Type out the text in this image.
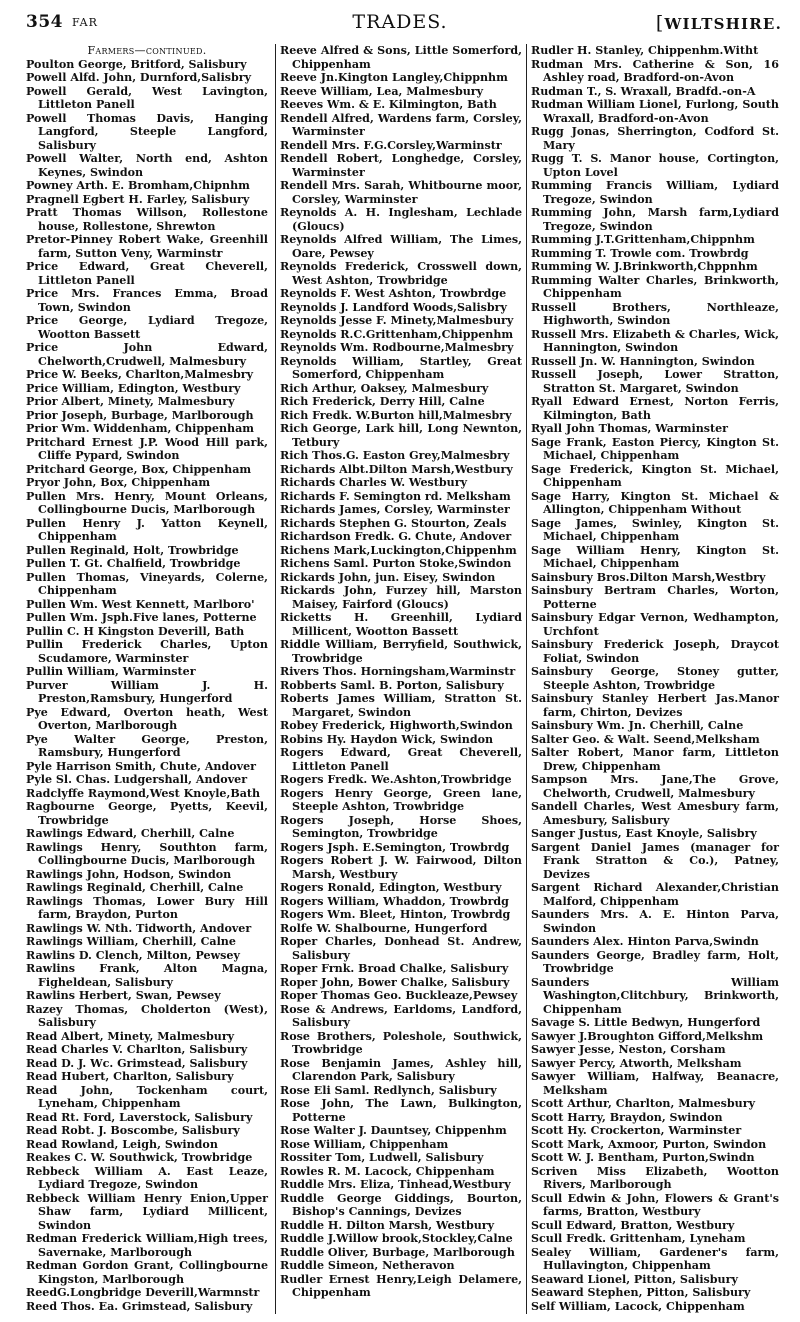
354 FAR	TRADES.	[WILTSHIRE.
Farmers—continued.
Poulton George, Britford, Salisbury
Powell Alfd. John, Durnford,Salisbry
Powell Gerald, West Lavington, Littleton Panell
Powell Thomas Davis, Hanging Langford, Steeple Langford, Salisbury
Powell Walter, North end, Ashton Keynes, Swindon
Powney Arth. E. Bromham,Chipnhm
Pragnell Egbert H. Farley, Salisbury
Pratt Thomas Willson, Rollestone house, Rollestone, Shrewton
Pretor-Pinney Robert Wake, Greenhill farm, Sutton Veny, Warminstr
Price Edward, Great Cheverell, Littleton Panell
Price Mrs. Frances Emma, Broad Town, Swindon
Price George, Lydiard Tregoze, Wootton Bassett
Price John Edward, Chelworth,Crudwell, Malmesbury
Price W. Beeks, Charlton,Malmesbry
Price William, Edington, Westbury
Prior Albert, Minety, Malmesbury
Prior Joseph, Burbage, Marlborough
Prior Wm. Widdenham, Chippenham
Pritchard Ernest J.P. Wood Hill park, Cliffe Pypard, Swindon
Pritchard George, Box, Chippenham
Pryor John, Box, Chippenham
Pullen Mrs. Henry, Mount Orleans, Collingbourne Ducis, Marlborough
Pullen Henry J. Yatton Keynell, Chippenham
Pullen Reginald, Holt, Trowbridge
Pullen T. Gt. Chalfield, Trowbridge
Pullen Thomas, Vineyards, Colerne, Chippenham
Pullen Wm. West Kennett, Marlboro'
Pullen Wm. Jsph.Five lanes, Potterne
Pullin C. H Kingston Deverill, Bath
Pullin Frederick Charles, Upton Scudamore, Warminster
Pullin William, Warminster
Purver William J. H. Preston,Ramsbury, Hungerford
Pye Edward, Overton heath, West Overton, Marlborough
Pye Walter George, Preston, Ramsbury, Hungerford
Pyle Harrison Smith, Chute, Andover
Pyle Sl. Chas. Ludgershall, Andover
Radclyffe Raymond,West Knoyle,Bath
Ragbourne George, Pyetts, Keevil, Trowbridge
Rawlings Edward, Cherhill, Calne
Rawlings Henry, Southton farm, Collingbourne Ducis, Marlborough
Rawlings John, Hodson, Swindon
Rawlings Reginald, Cherhill, Calne
Rawlings Thomas, Lower Bury Hill farm, Braydon, Purton
Rawlings W. Nth. Tidworth, Andover
Rawlings William, Cherhill, Calne
Rawlins D. Clench, Milton, Pewsey
Rawlins Frank, Alton Magna, Figheldean, Salisbury
Rawlins Herbert, Swan, Pewsey
Razey Thomas, Cholderton (West), Salisbury
Read Albert, Minety, Malmesbury
Read Charles V. Charlton, Salisbury
Read D. J. Wc. Grimstead, Salisbury
Read Hubert, Charlton, Salisbury
Read John, Tockenham court, Lyneham, Chippenham
Read Rt. Ford, Laverstock, Salisbury
Read Robt. J. Boscombe, Salisbury
Read Rowland, Leigh, Swindon
Reakes C. W. Southwick, Trowbridge
Rebbeck William A. East Leaze, Lydiard Tregoze, Swindon
Rebbeck William Henry Enion,Upper Shaw farm, Lydiard Millicent, Swindon
Redman Frederick William,High trees, Savernake, Marlborough
Redman Gordon Grant, Collingbourne Kingston, Marlborough
ReedG.Longbridge Deverill,Warmnstr
Reed Thos. Ea. Grimstead, Salisbury
Reeve Alfred & Sons, Little Somerford, Chippenham
Reeve Jn.Kington Langley,Chippnhm
Reeve William, Lea, Malmesbury
Reeves Wm. & E. Kilmington, Bath
Rendell Alfred, Wardens farm, Corsley, Warminster
Rendell Mrs. F.G.Corsley,Warminstr
Rendell Robert, Longhedge, Corsley, Warminster
Rendell Mrs. Sarah, Whitbourne moor, Corsley, Warminster
Reynolds A. H. Inglesham, Lechlade (Gloucs)
Reynolds Alfred William, The Limes, Oare, Pewsey
Reynolds Frederick, Crosswell down, West Ashton, Trowbridge
Reynolds F. West Ashton, Trowbrdge
Reynolds J. Landford Woods,Salisbry
Reynolds Jesse F. Minety,Malmesbury
Reynolds R.C.Grittenham,Chippenhm
Reynolds Wm. Rodbourne,Malmesbry
Reynolds William, Startley, Great Somerford, Chippenham
Rich Arthur, Oaksey, Malmesbury
Rich Frederick, Derry Hill, Calne
Rich Fredk. W.Burton hill,Malmesbry
Rich George, Lark hill, Long Newnton, Tetbury
Rich Thos.G. Easton Grey,Malmesbry
Richards Albt.Dilton Marsh,Westbury
Richards Charles W. Westbury
Richards F. Semington rd. Melksham
Richards James, Corsley, Warminster
Richards Stephen G. Stourton, Zeals
Richardson Fredk. G. Chute, Andover
Richens Mark,Luckington,Chippenhm
Richens Saml. Purton Stoke,Swindon
Rickards John, jun. Eisey, Swindon
Rickards John, Furzey hill, Marston Maisey, Fairford (Gloucs)
Ricketts H. Greenhill, Lydiard Millicent, Wootton Bassett
Riddle William, Berryfield, Southwick, Trowbridge
Rivers Thos. Horningsham,Warminstr
Robberts Saml. B. Porton, Salisbury
Roberts James William, Stratton St. Margaret, Swindon
Robey Frederick, Highworth,Swindon
Robins Hy. Haydon Wick, Swindon
Rogers Edward, Great Cheverell, Littleton Panell
Rogers Fredk. We.Ashton,Trowbridge
Rogers Henry George, Green lane, Steeple Ashton, Trowbridge
Rogers Joseph, Horse Shoes, Semington, Trowbridge
Rogers Jsph. E.Semington, Trowbrdg
Rogers Robert J. W. Fairwood, Dilton Marsh, Westbury
Rogers Ronald, Edington, Westbury
Rogers William, Whaddon, Trowbrdg
Rogers Wm. Bleet, Hinton, Trowbrdg
Rolfe W. Shalbourne, Hungerford
Roper Charles, Donhead St. Andrew, Salisbury
Roper Frnk. Broad Chalke, Salisbury
Roper John, Bower Chalke, Salisbury
Roper Thomas Geo. Buckleaze,Pewsey
Rose & Andrews, Earldoms, Landford, Salisbury
Rose Brothers, Poleshole, Southwick, Trowbridge
Rose Benjamin James, Ashley hill, Clarendon Park, Salisbury
Rose Eli Saml. Redlynch, Salisbury
Rose John, The Lawn, Bulkington, Potterne
Rose Walter J. Dauntsey, Chippenhm
Rose William, Chippenham
Rossiter Tom, Ludwell, Salisbury
Rowles R. M. Lacock, Chippenham
Ruddle Mrs. Eliza, Tinhead,Westbury
Ruddle George Giddings, Bourton, Bishop's Cannings, Devizes
Ruddle H. Dilton Marsh, Westbury
Ruddle J.Willow brook,Stockley,Calne
Ruddle Oliver, Burbage, Marlborough
Ruddle Simeon, Netheravon
Rudler Ernest Henry,Leigh Delamere, Chippenham
Rudler H. Stanley, Chippenhm.Witht
Rudman Mrs. Catherine & Son, 16 Ashley road, Bradford-on-Avon
Rudman T., S. Wraxall, Bradfd.-on-A
Rudman William Lionel, Furlong, South Wraxall, Bradford-on-Avon
Rugg Jonas, Sherrington, Codford St. Mary
Rugg T. S. Manor house, Cortington, Upton Lovel
Rumming Francis William, Lydiard Tregoze, Swindon
Rumming John, Marsh farm,Lydiard Tregoze, Swindon
Rumming J.T.Grittenham,Chippnhm
Rumming T. Trowle com. Trowbrdg
Rumming W. J.Brinkworth,Chppnhm
Rumming Walter Charles, Brinkworth, Chippenham
Russell Brothers, Northleaze, Highworth, Swindon
Russell Mrs. Elizabeth & Charles, Wick, Hannington, Swindon
Russell Jn. W. Hannington, Swindon
Russell Joseph, Lower Stratton, Stratton St. Margaret, Swindon
Ryall Edward Ernest, Norton Ferris, Kilmington, Bath
Ryall John Thomas, Warminster
Sage Frank, Easton Piercy, Kington St. Michael, Chippenham
Sage Frederick, Kington St. Michael, Chippenham
Sage Harry, Kington St. Michael & Allington, Chippenham Without
Sage James, Swinley, Kington St. Michael, Chippenham
Sage William Henry, Kington St. Michael, Chippenham
Sainsbury Bros.Dilton Marsh,Westbry
Sainsbury Bertram Charles, Worton, Potterne
Sainsbury Edgar Vernon, Wedhampton, Urchfont
Sainsbury Frederick Joseph, Draycot Foliat, Swindon
Sainsbury George, Stoney gutter, Steeple Ashton, Trowbridge
Sainsbury Stanley Herbert Jas.Manor farm, Chirton, Devizes
Sainsbury Wm. Jn. Cherhill, Calne
Salter Geo. & Walt. Seend,Melksham
Salter Robert, Manor farm, Littleton Drew, Chippenham
Sampson Mrs. Jane,The Grove, Chelworth, Crudwell, Malmesbury
Sandell Charles, West Amesbury farm, Amesbury, Salisbury
Sanger Justus, East Knoyle, Salisbry
Sargent Daniel James (manager for Frank Stratton & Co.), Patney, Devizes
Sargent Richard Alexander,Christian Malford, Chippenham
Saunders Mrs. A. E. Hinton Parva, Swindon
Saunders Alex. Hinton Parva,Swindn
Saunders George, Bradley farm, Holt, Trowbridge
Saunders William Washington,Clitchbury, Brinkworth, Chippenham
Savage S. Little Bedwyn, Hungerford
Sawyer J.Broughton Gifford,Melkshm
Sawyer Jesse, Neston, Corsham
Sawyer Percy, Atworth, Melksham
Sawyer William, Halfway, Beanacre, Melksham
Scott Arthur, Charlton, Malmesbury
Scott Harry, Braydon, Swindon
Scott Hy. Crockerton, Warminster
Scott Mark, Axmoor, Purton, Swindon
Scott W. J. Bentham, Purton,Swindn
Scriven Miss Elizabeth, Wootton Rivers, Marlborough
Scull Edwin & John, Flowers & Grant's farms, Bratton, Westbury
Scull Edward, Bratton, Westbury
Scull Fredk. Grittenham, Lyneham
Sealey William, Gardener's farm, Hullavington, Chippenham
Seaward Lionel, Pitton, Salisbury
Seaward Stephen, Pitton, Salisbury
Self William, Lacock, Chippenham
